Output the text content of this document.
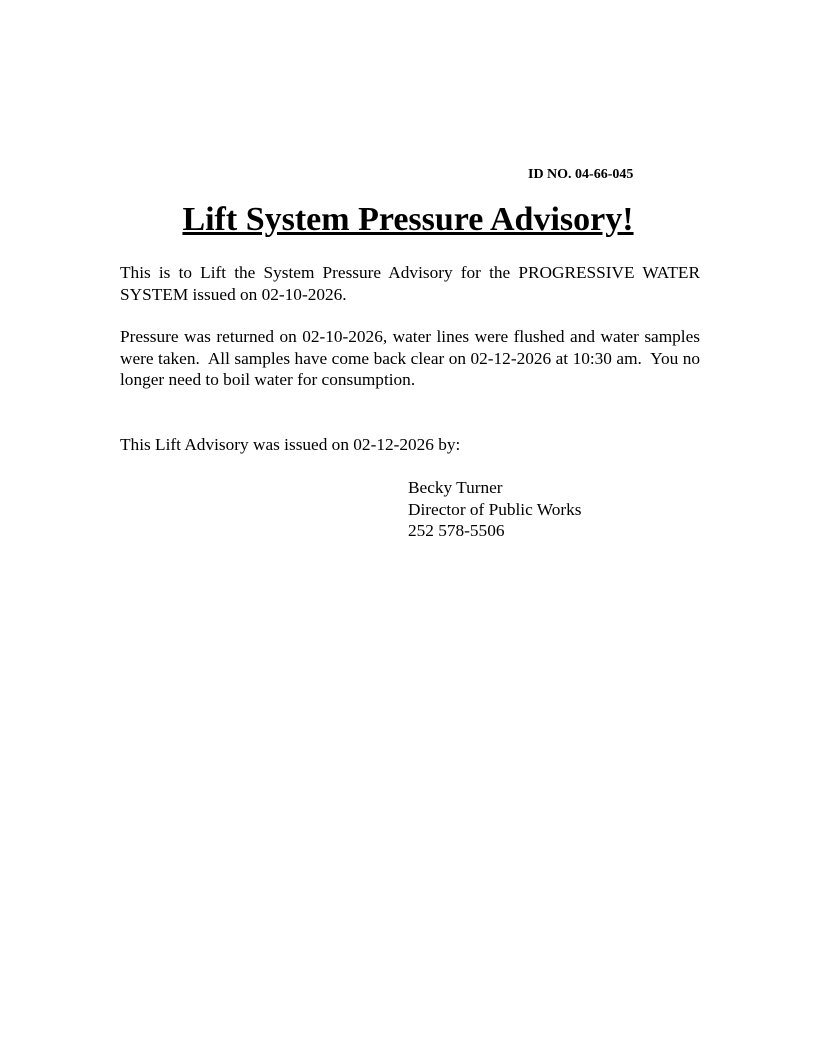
ID NO. 04-66-045
Lift System Pressure Advisory!

This is to Lift the System Pressure Advisory for the PROGRESSIVE WATER SYSTEM issued on 02-10-2026.

Pressure was returned on 02-10-2026, water lines were flushed and water samples were taken.  All samples have come back clear on 02-12-2026 at 10:30 am.  You no longer need to boil water for consumption.

This Lift Advisory was issued on 02-12-2026 by:

Becky Turner
Director of Public Works
252 578-5506
